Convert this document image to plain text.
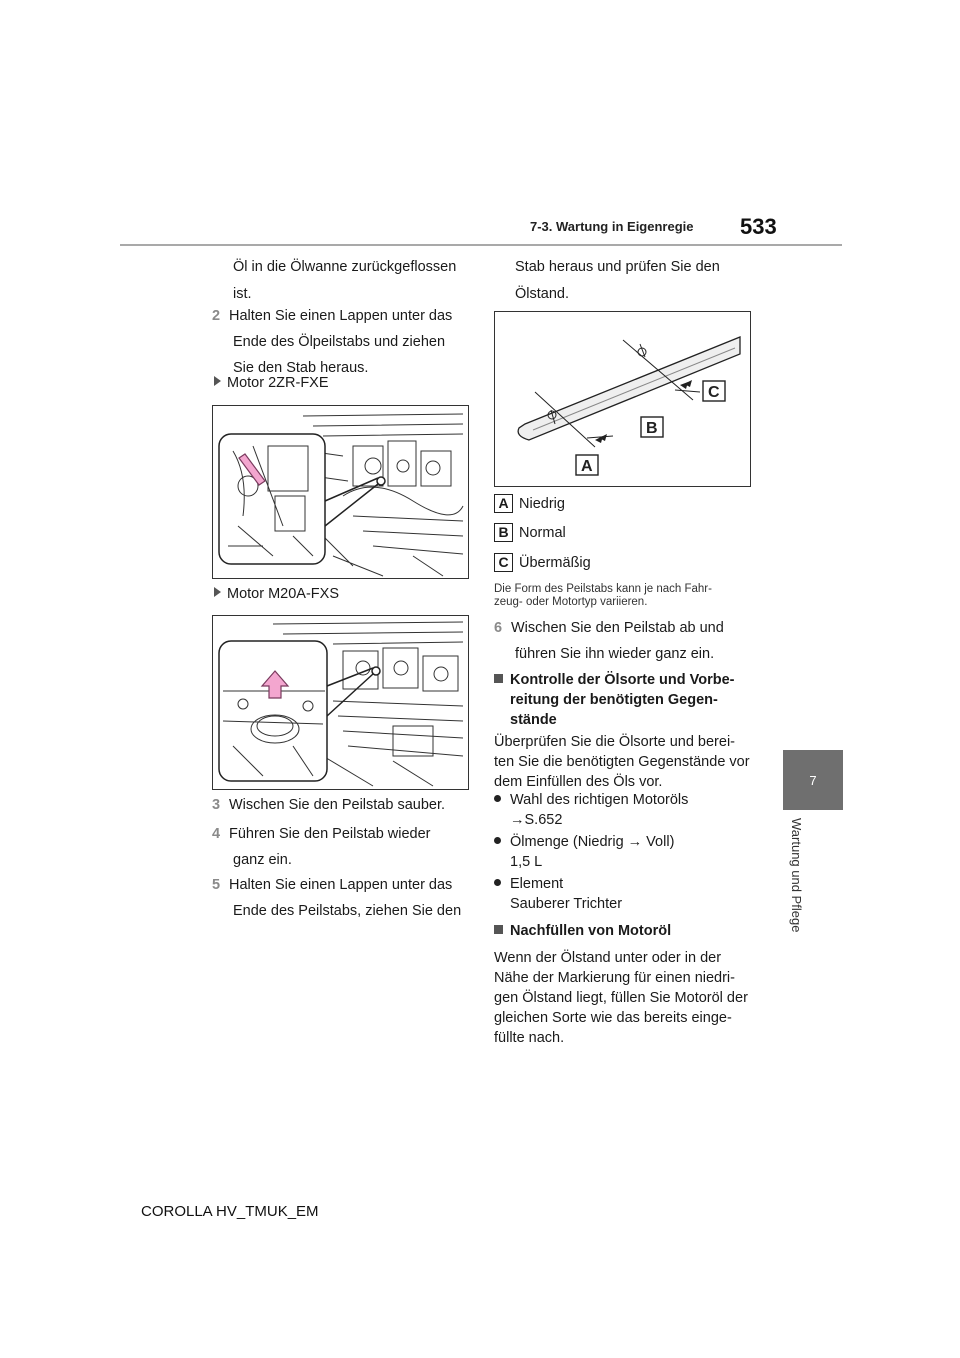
7-3. Wartung in Eigenregie 533
7
Wartung und Pflege
Öl in die Ölwanne zurückgeflossen
ist.
2 Halten Sie einen Lappen unter das
Ende des Ölpeilstabs und ziehen
Sie den Stab heraus.
Motor 2ZR-FXE
Motor M20A-FXS
3 Wischen Sie den Peilstab sauber.
4 Führen Sie den Peilstab wieder
ganz ein.
5 Halten Sie einen Lappen unter das
Ende des Peilstabs, ziehen Sie den
Stab heraus und prüfen Sie den
Ölstand.
A
B
C
A Niedrig
B Normal
C Übermäßig
Die Form des Peilstabs kann je nach Fahr-
zeug- oder Motortyp variieren.
6 Wischen Sie den Peilstab ab und
führen Sie ihn wieder ganz ein.
Kontrolle der Ölsorte und Vorbe-
reitung der benötigten Gegen-
stände
Überprüfen Sie die Ölsorte und berei-
ten Sie die benötigten Gegenstände vor
dem Einfüllen des Öls vor.
Wahl des richtigen Motoröls
→S.652
Ölmenge (Niedrig → Voll)
1,5 L
Element
Sauberer Trichter
Nachfüllen von Motoröl
Wenn der Ölstand unter oder in der
Nähe der Markierung für einen niedri-
gen Ölstand liegt, füllen Sie Motoröl der
gleichen Sorte wie das bereits einge-
füllte nach.
COROLLA HV_TMUK_EM
